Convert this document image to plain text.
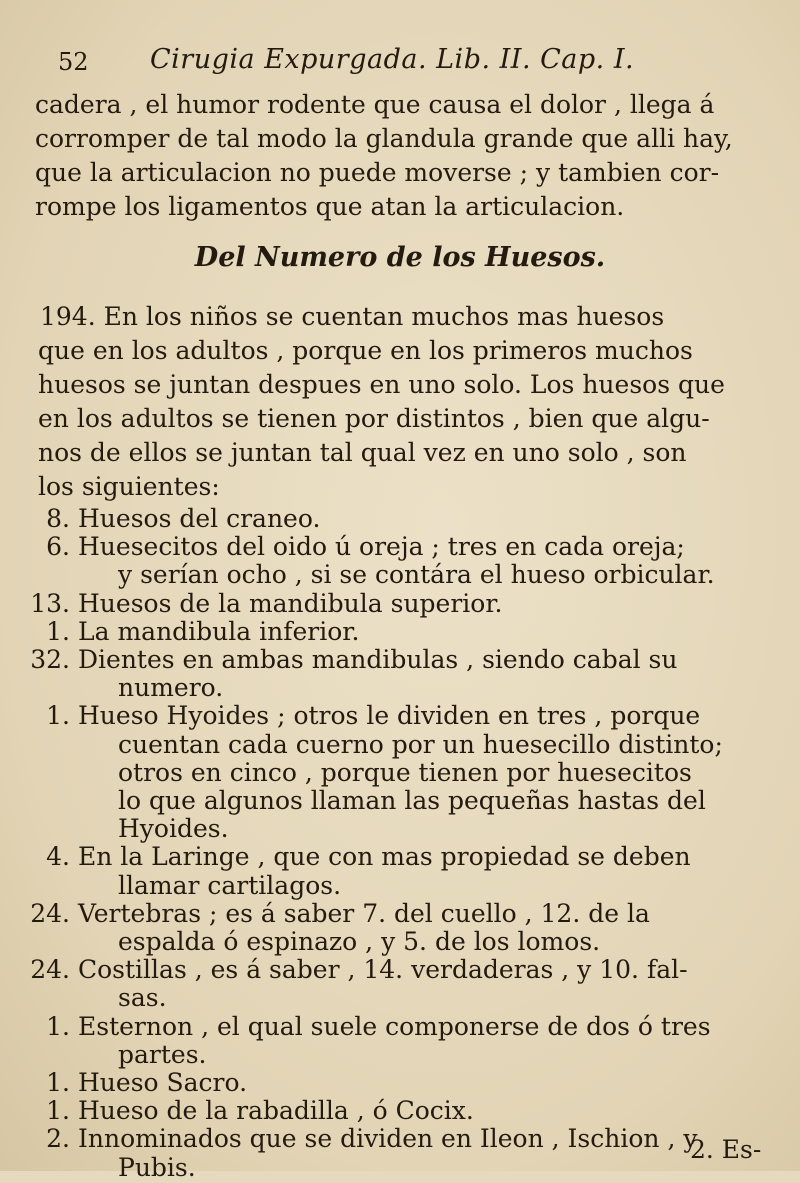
52 Cirugia Expurgada. Lib. II. Cap. I.
cadera , el humor rodente que causa el dolor , llega á
corromper de tal modo la glandula grande que alli hay,
que la articulacion no puede moverse ; y tambien cor-
rompe los ligamentos que atan la articulacion.
Del Numero de los Huesos.
194. En los niños se cuentan muchos mas huesos
que en los adultos , porque en los primeros muchos
huesos se juntan despues en uno solo. Los huesos que
en los adultos se tienen por distintos , bien que algu-
nos de ellos se juntan tal qual vez en uno solo , son
los siguientes:
8. Huesos del craneo.
6. Huesecitos del oido ú oreja ; tres en cada oreja;
y serían ocho , si se contára el hueso orbicular.
13. Huesos de la mandibula superior.
1. La mandibula inferior.
32. Dientes en ambas mandibulas , siendo cabal su
numero.
1. Hueso Hyoides ; otros le dividen en tres , porque
cuentan cada cuerno por un huesecillo distinto;
otros en cinco , porque tienen por huesecitos
lo que algunos llaman las pequeñas hastas del
Hyoides.
4. En la Laringe , que con mas propiedad se deben
llamar cartilagos.
24. Vertebras ; es á saber 7. del cuello , 12. de la
espalda ó espinazo , y 5. de los lomos.
24. Costillas , es á saber , 14. verdaderas , y 10. fal-
sas.
1. Esternon , el qual suele componerse de dos ó tres
partes.
1. Hueso Sacro.
1. Hueso de la rabadilla , ó Cocix.
2. Innominados que se dividen en Ileon , Ischion , y
Pubis.
2. Es-
